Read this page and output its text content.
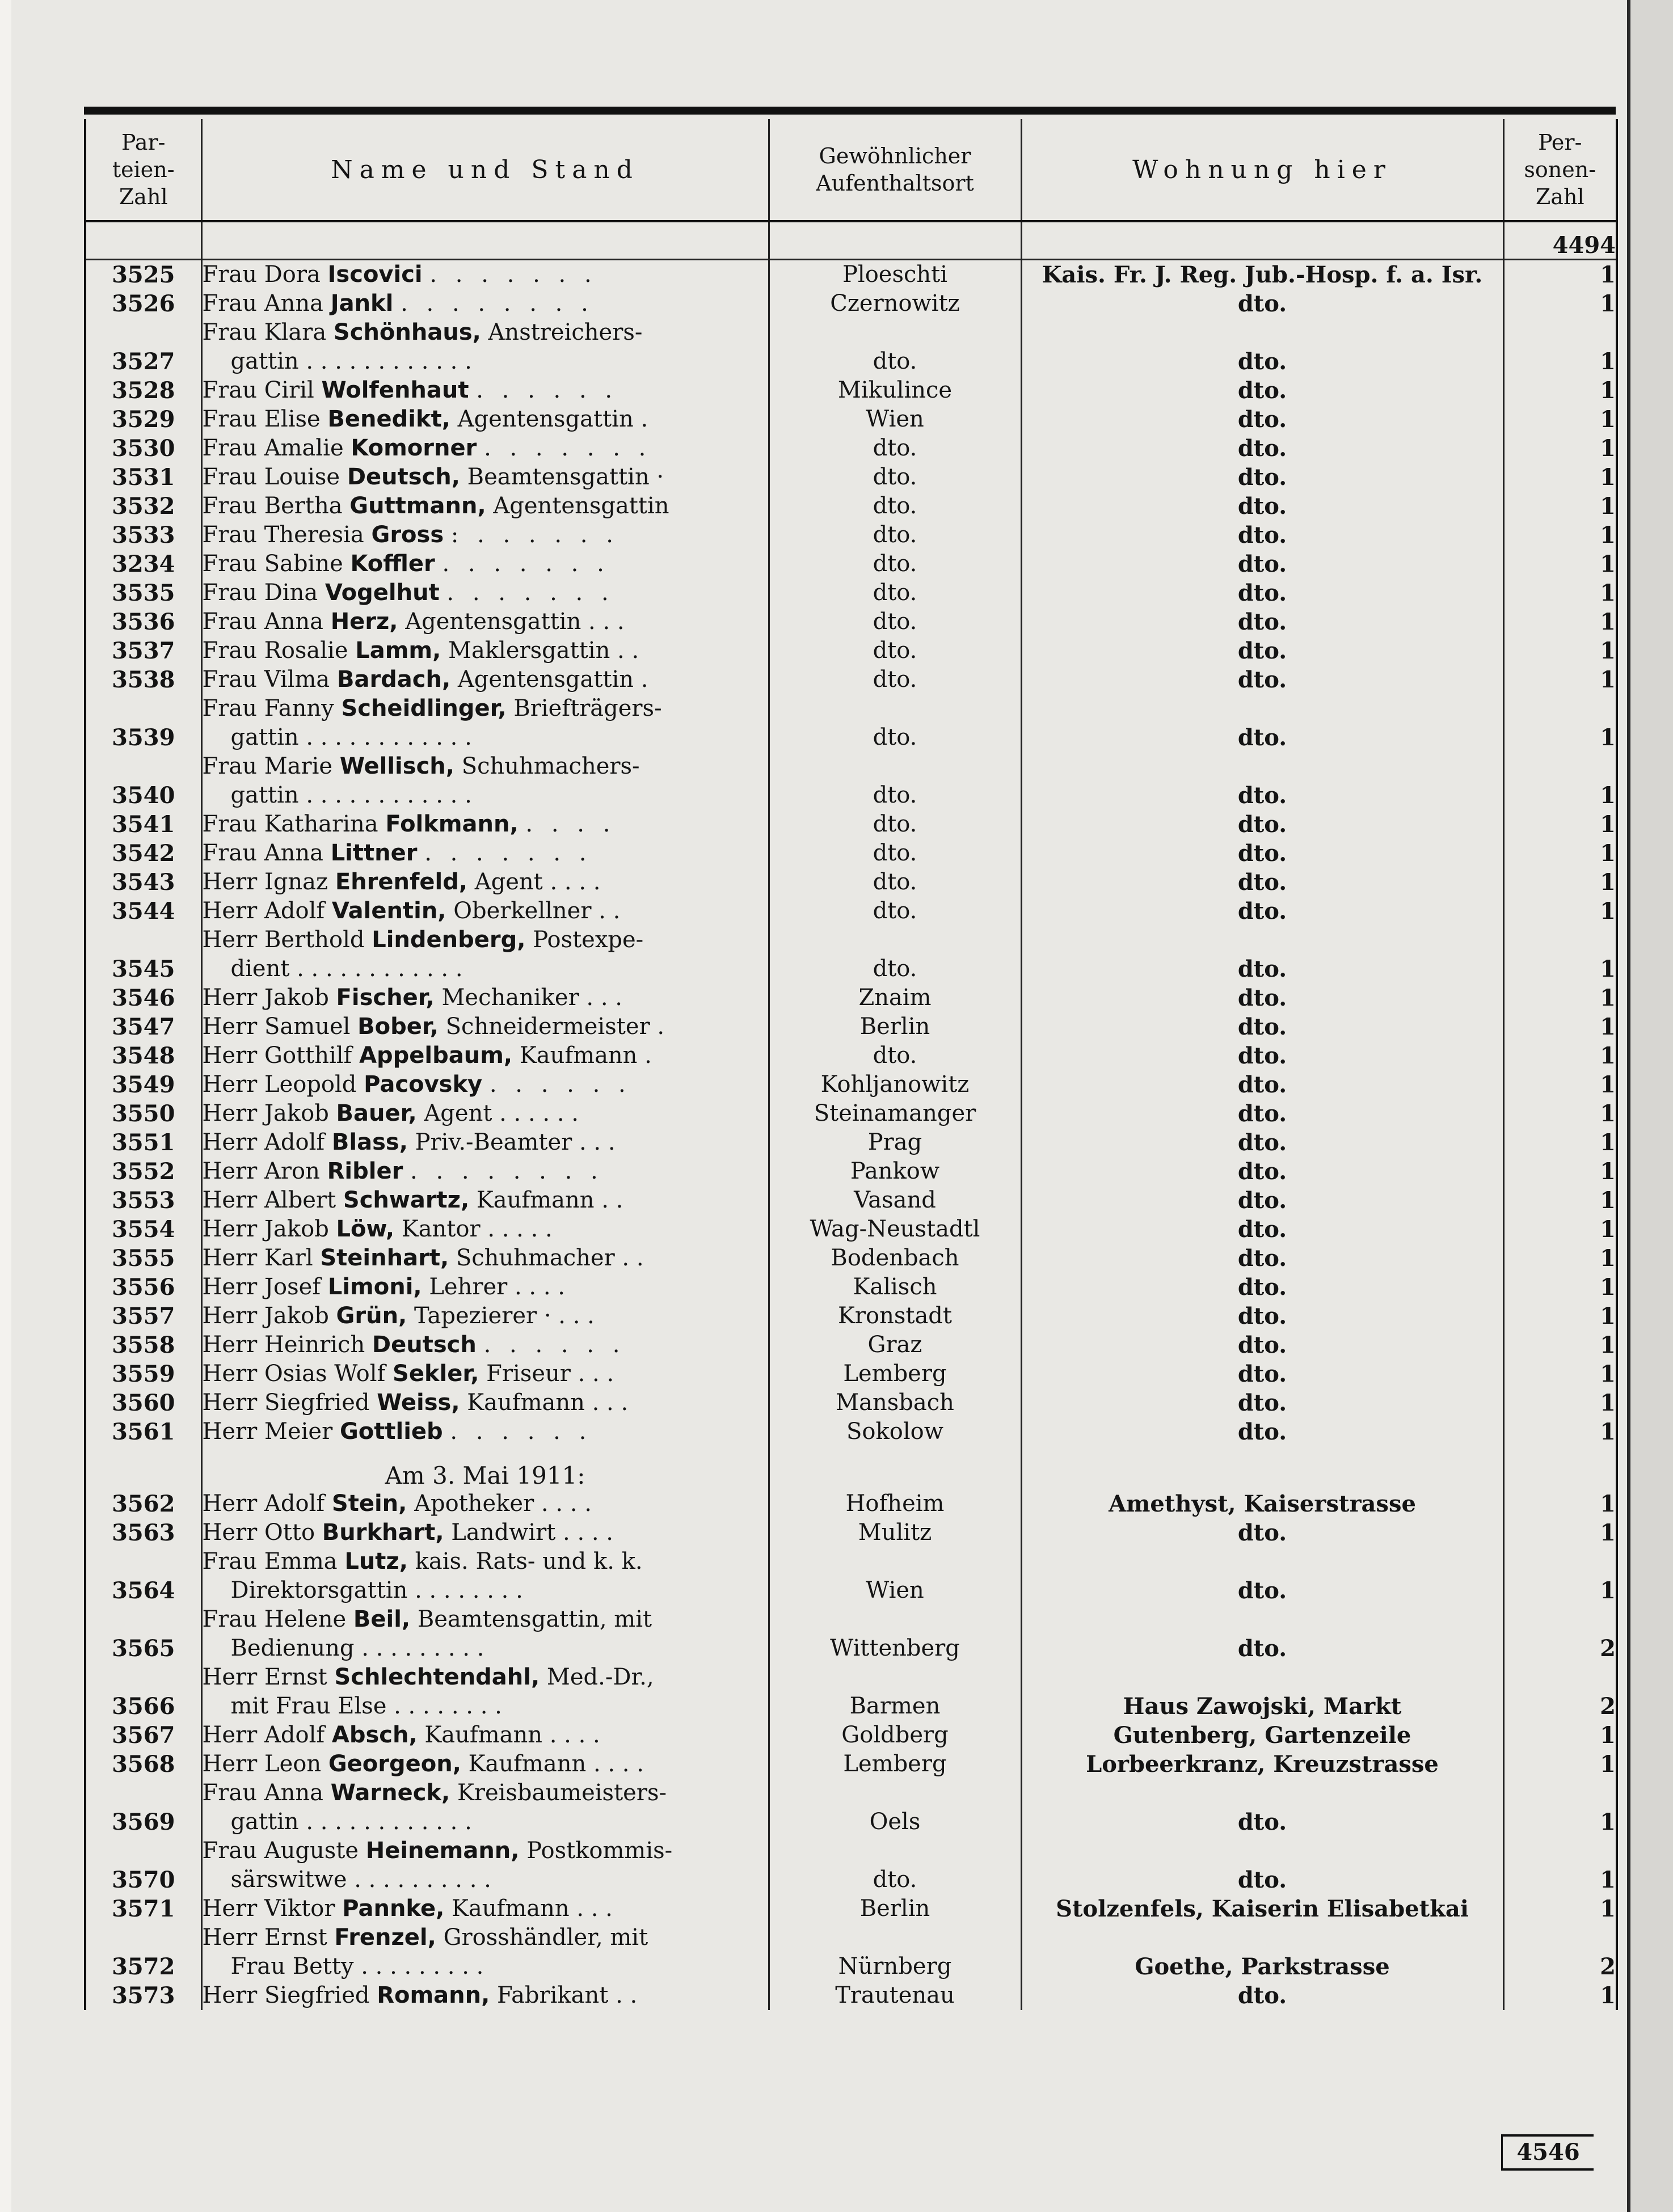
Par-
teien-
Zahl	Name und Stand	Gewöhnlicher
Aufenthaltsort	Wohnung hier	Per-
sonen-
Zahl
				4494
3525	Frau Dora Iscovici . . . . . . .	Ploeschti	Kais. Fr. J. Reg. Jub.-Hosp. f. a. Isr.	1
3526	Frau Anna Jankl . . . . . . . .	Czernowitz	dto.	1
3527	Frau Klara Schönhaus, Anstreichers-
gattin . . . . . . . . . . . .	dto.	dto.	1
3528	Frau Ciril Wolfenhaut . . . . . .	Mikulince	dto.	1
3529	Frau Elise Benedikt, Agentensgattin .	Wien	dto.	1
3530	Frau Amalie Komorner . . . . . . .	dto.	dto.	1
3531	Frau Louise Deutsch, Beamtensgattin ·	dto.	dto.	1
3532	Frau Bertha Guttmann, Agentensgattin	dto.	dto.	1
3533	Frau Theresia Gross : . . . . . .	dto.	dto.	1
3234	Frau Sabine Koffler . . . . . . .	dto.	dto.	1
3535	Frau Dina Vogelhut . . . . . . .	dto.	dto.	1
3536	Frau Anna Herz, Agentensgattin . . .	dto.	dto.	1
3537	Frau Rosalie Lamm, Maklersgattin . .	dto.	dto.	1
3538	Frau Vilma Bardach, Agentensgattin .	dto.	dto.	1
3539	Frau Fanny Scheidlinger, Briefträgers-
gattin . . . . . . . . . . . .	dto.	dto.	1
3540	Frau Marie Wellisch, Schuhmachers-
gattin . . . . . . . . . . . .	dto.	dto.	1
3541	Frau Katharina Folkmann, . . . .	dto.	dto.	1
3542	Frau Anna Littner . . . . . . .	dto.	dto.	1
3543	Herr Ignaz Ehrenfeld, Agent . . . .	dto.	dto.	1
3544	Herr Adolf Valentin, Oberkellner . .	dto.	dto.	1
3545	Herr Berthold Lindenberg, Postexpe-
dient . . . . . . . . . . . .	dto.	dto.	1
3546	Herr Jakob Fischer, Mechaniker . . .	Znaim	dto.	1
3547	Herr Samuel Bober, Schneidermeister .	Berlin	dto.	1
3548	Herr Gotthilf Appelbaum, Kaufmann .	dto.	dto.	1
3549	Herr Leopold Pacovsky . . . . . .	Kohljanowitz	dto.	1
3550	Herr Jakob Bauer, Agent . . . . . .	Steinamanger	dto.	1
3551	Herr Adolf Blass, Priv.-Beamter . . .	Prag	dto.	1
3552	Herr Aron Ribler . . . . . . . .	Pankow	dto.	1
3553	Herr Albert Schwartz, Kaufmann . .	Vasand	dto.	1
3554	Herr Jakob Löw, Kantor . . . . .	Wag-Neustadtl	dto.	1
3555	Herr Karl Steinhart, Schuhmacher . .	Bodenbach	dto.	1
3556	Herr Josef Limoni, Lehrer . . . .	Kalisch	dto.	1
3557	Herr Jakob Grün, Tapezierer · . . .	Kronstadt	dto.	1
3558	Herr Heinrich Deutsch . . . . . .	Graz	dto.	1
3559	Herr Osias Wolf Sekler, Friseur . . .	Lemberg	dto.	1
3560	Herr Siegfried Weiss, Kaufmann . . .	Mansbach	dto.	1
3561	Herr Meier Gottlieb . . . . . .	Sokolow	dto.	1
	Am 3. Mai 1911:			
3562	Herr Adolf Stein, Apotheker . . . .	Hofheim	Amethyst, Kaiserstrasse	1
3563	Herr Otto Burkhart, Landwirt . . . .	Mulitz	dto.	1
3564	Frau Emma Lutz, kais. Rats- und k. k.
Direktorsgattin . . . . . . . .	Wien	dto.	1
3565	Frau Helene Beil, Beamtensgattin, mit
Bedienung . . . . . . . . .	Wittenberg	dto.	2
3566	Herr Ernst Schlechtendahl, Med.-Dr.,
mit Frau Else . . . . . . . .	Barmen	Haus Zawojski, Markt	2
3567	Herr Adolf Absch, Kaufmann . . . .	Goldberg	Gutenberg, Gartenzeile	1
3568	Herr Leon Georgeon, Kaufmann . . . .	Lemberg	Lorbeerkranz, Kreuzstrasse	1
3569	Frau Anna Warneck, Kreisbaumeisters-
gattin . . . . . . . . . . . .	Oels	dto.	1
3570	Frau Auguste Heinemann, Postkommis-
särswitwe . . . . . . . . . .	dto.	dto.	1
3571	Herr Viktor Pannke, Kaufmann . . .	Berlin	Stolzenfels, Kaiserin Elisabetkai	1
3572	Herr Ernst Frenzel, Grosshändler, mit
Frau Betty . . . . . . . . .	Nürnberg	Goethe, Parkstrasse	2
3573	Herr Siegfried Romann, Fabrikant . .	Trautenau	dto.	1
4546
